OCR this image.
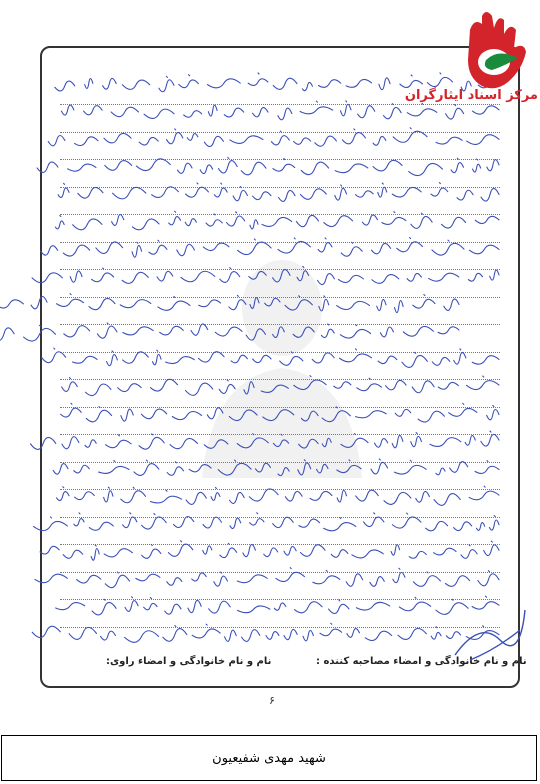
نام و نام خانوادگی و امضاء مصاحبه کننده :
نام و نام خانوادگی و امضاء راوی:
۶
مرکز اسناد ایثارگران
شهید مهدی شفیعیون
